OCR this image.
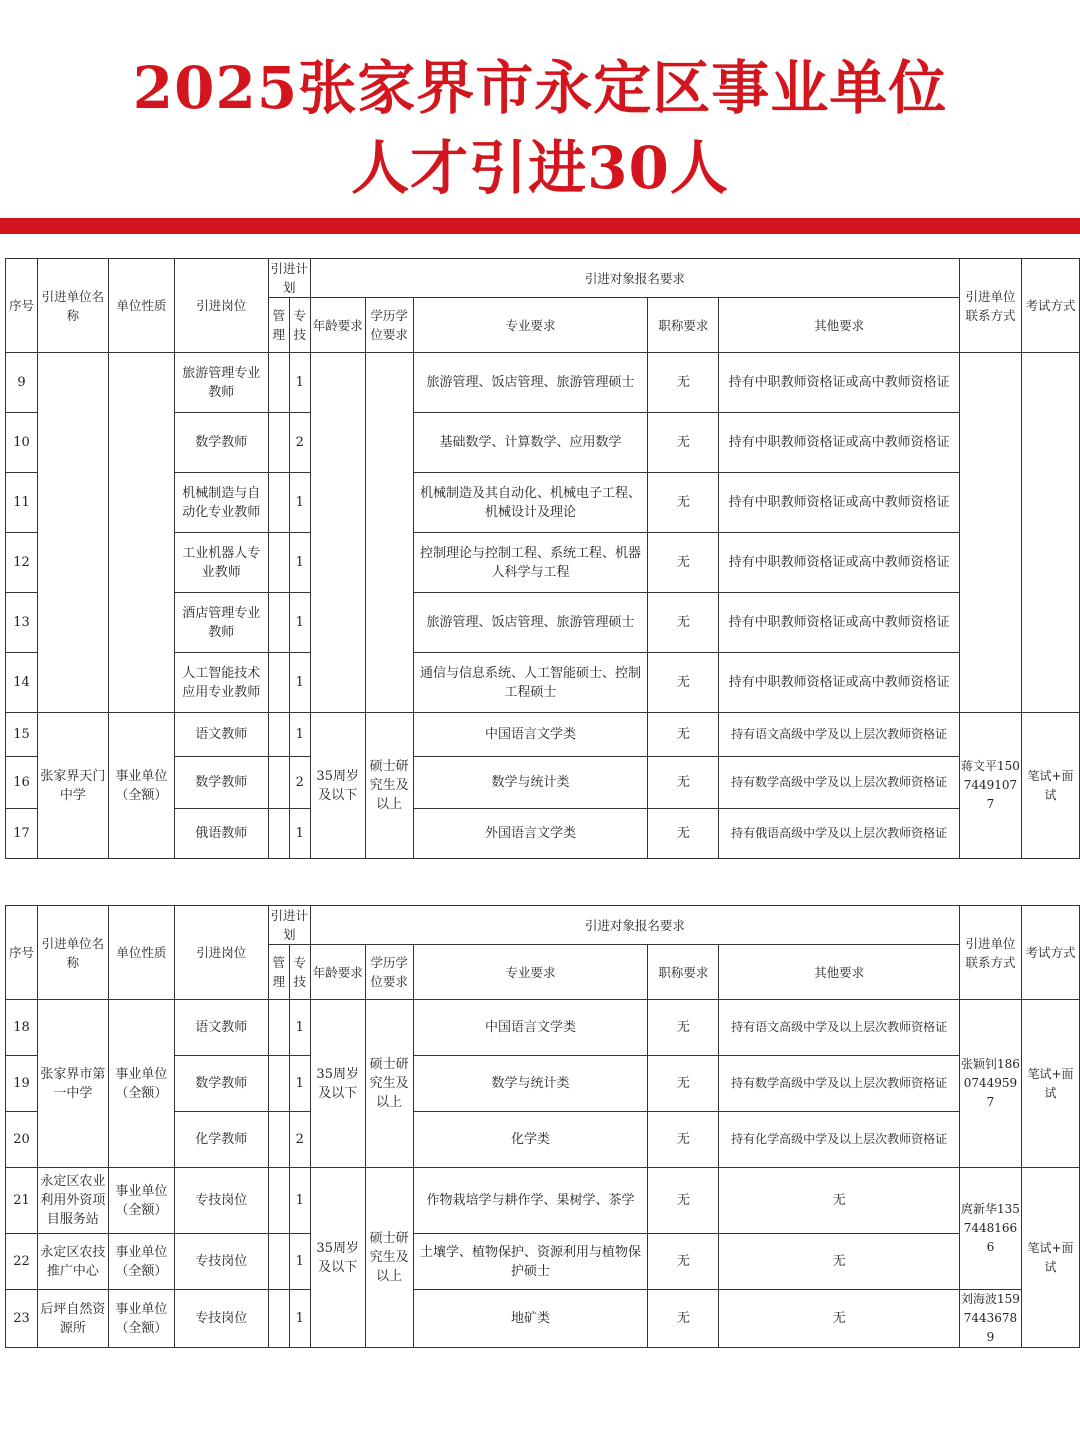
2025张家界市永定区事业单位
人才引进30人
序号	引进单位名称	单位性质	引进岗位	引进计划		引进对象报名要求					引进单位联系方式	考试方式
				管理	专技	年龄要求	学历学位要求	专业要求	职称要求	其他要求		
9			旅游管理专业教师		1			旅游管理、饭店管理、旅游管理硕士	无	持有中职教师资格证或高中教师资格证		
10			数学教师		2			基础数学、计算数学、应用数学	无	持有中职教师资格证或高中教师资格证		
11			机械制造与自动化专业教师		1			机械制造及其自动化、机械电子工程、机械设计及理论	无	持有中职教师资格证或高中教师资格证		
12			工业机器人专业教师		1			控制理论与控制工程、系统工程、机器人科学与工程	无	持有中职教师资格证或高中教师资格证		
13			酒店管理专业教师		1			旅游管理、饭店管理、旅游管理硕士	无	持有中职教师资格证或高中教师资格证		
14			人工智能技术应用专业教师		1			通信与信息系统、人工智能硕士、控制工程硕士	无	持有中职教师资格证或高中教师资格证		
15	张家界天门中学	事业单位（全额）	语文教师		1	35周岁及以下	硕士研究生及以上	中国语言文学类	无	持有语文高级中学及以上层次教师资格证	蒋文平15074491077	笔试+面试
16			数学教师		2			数学与统计类	无	持有数学高级中学及以上层次教师资格证		
17			俄语教师		1			外国语言文学类	无	持有俄语高级中学及以上层次教师资格证		
序号	引进单位名称	单位性质	引进岗位	引进计划		引进对象报名要求					引进单位联系方式	考试方式
				管理	专技	年龄要求	学历学位要求	专业要求	职称要求	其他要求		
18	张家界市第一中学	事业单位（全额）	语文教师		1	35周岁及以下	硕士研究生及以上	中国语言文学类	无	持有语文高级中学及以上层次教师资格证	张颖钊18607449597	笔试+面试
19			数学教师		1			数学与统计类	无	持有数学高级中学及以上层次教师资格证		
20			化学教师		2			化学类	无	持有化学高级中学及以上层次教师资格证		
21	永定区农业利用外资项目服务站	事业单位（全额）	专技岗位		1	35周岁及以下	硕士研究生及以上	作物栽培学与耕作学、果树学、茶学	无	无	庹新华13574481666	笔试+面试
22	永定区农技推广中心	事业单位（全额）	专技岗位		1			土壤学、植物保护、资源利用与植物保护硕士	无	无		
23	后坪自然资源所	事业单位（全额）	专技岗位		1			地矿类	无	无	刘海波15974436789	
